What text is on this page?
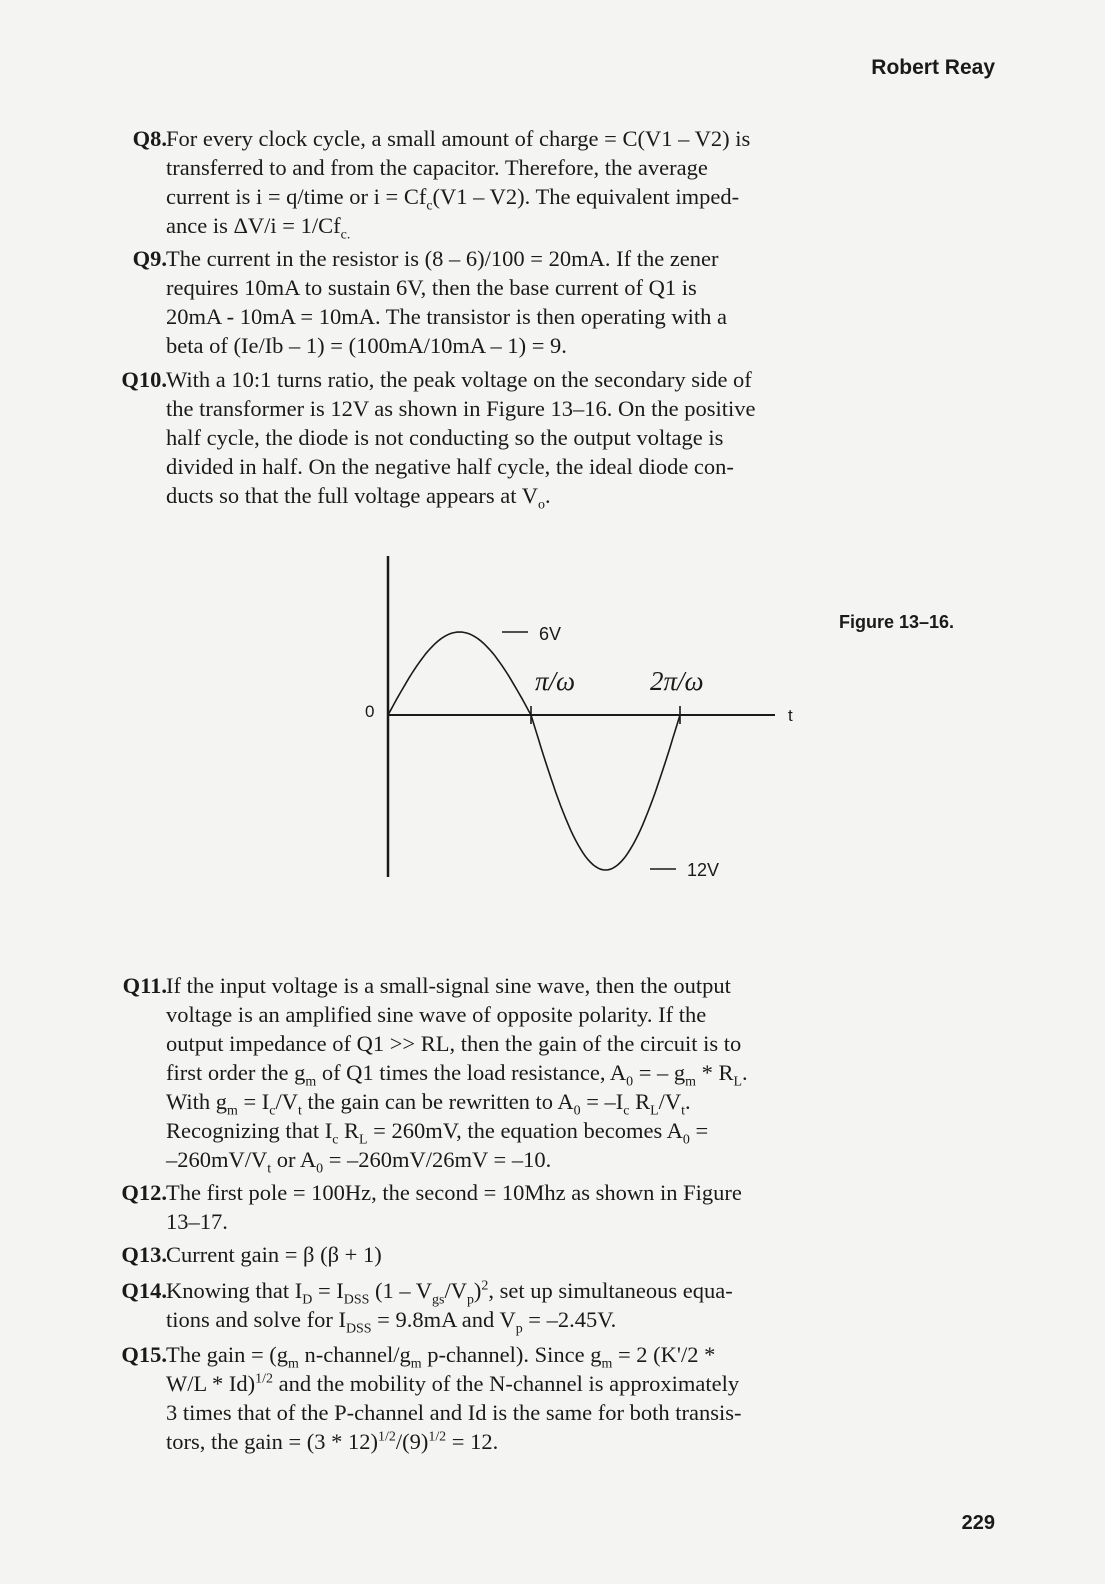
Robert Reay
Q8. For every clock cycle, a small amount of charge = C(V1 – V2) is
transferred to and from the capacitor. Therefore, the average
current is i = q/time or $i = Cf_c(V1 - V2)$. The equivalent imped-
ance is $\Delta V/i = 1/Cf_{c.}$
Q9. The current in the resistor is (8 – 6)/100 = 20mA. If the zener
requires 10mA to sustain 6V, then the base current of Q1 is
20mA - 10mA = 10mA. The transistor is then operating with a
beta of (Ie/Ib – 1) = (100mA/10mA – 1) = 9.
Q10. With a 10:1 turns ratio, the peak voltage on the secondary side of
the transformer is 12V as shown in Figure 13–16. On the positive
half cycle, the diode is not conducting so the output voltage is
divided in half. On the negative half cycle, the ideal diode con-
ducts so that the full voltage appears at $V_o$.
6V
12V
0	t
π/ω	2π/ω
Figure 13–16.
Q11. If the input voltage is a small-signal sine wave, then the output
voltage is an amplified sine wave of opposite polarity. If the
output impedance of Q1 >> RL, then the gain of the circuit is to
first order the $g_m$ of Q1 times the load resistance, $A_0$ = – $g_m * R_L$.
With $g_m = I_c/V_t$ the gain can be rewritten to $A_0 = -I_c$ $R_L/V_t$.
Recognizing that $I_c$ $R_L = 260mV$, the equation becomes $A_0$ =
$-260mV/V_t$ or $A_0 = -260mV/26mV = -10$.
Q12. The first pole = 100Hz, the second = 10Mhz as shown in Figure
13–17.
Q13. Current gain = β (β + 1)
Q14. Knowing that $I_D = I_{DSS}$ $(1 - V_{gs}/V_p)^2$, set up simultaneous equa-
tions and solve for $I_{DSS} = 9.8mA$ and $V_p = -2.45V$.
Q15. The gain = ($g_m$ $n-channel/g_m$ p-channel). Since $g_m = 2$ (K'/2 *
W/L * Id)$^{1/2}$ and the mobility of the N-channel is approximately
3 times that of the P-channel and Id is the same for both transis-
tors, the gain = $(3 * 12)^{1/2}/(9)^{1/2} = 12$.
229
